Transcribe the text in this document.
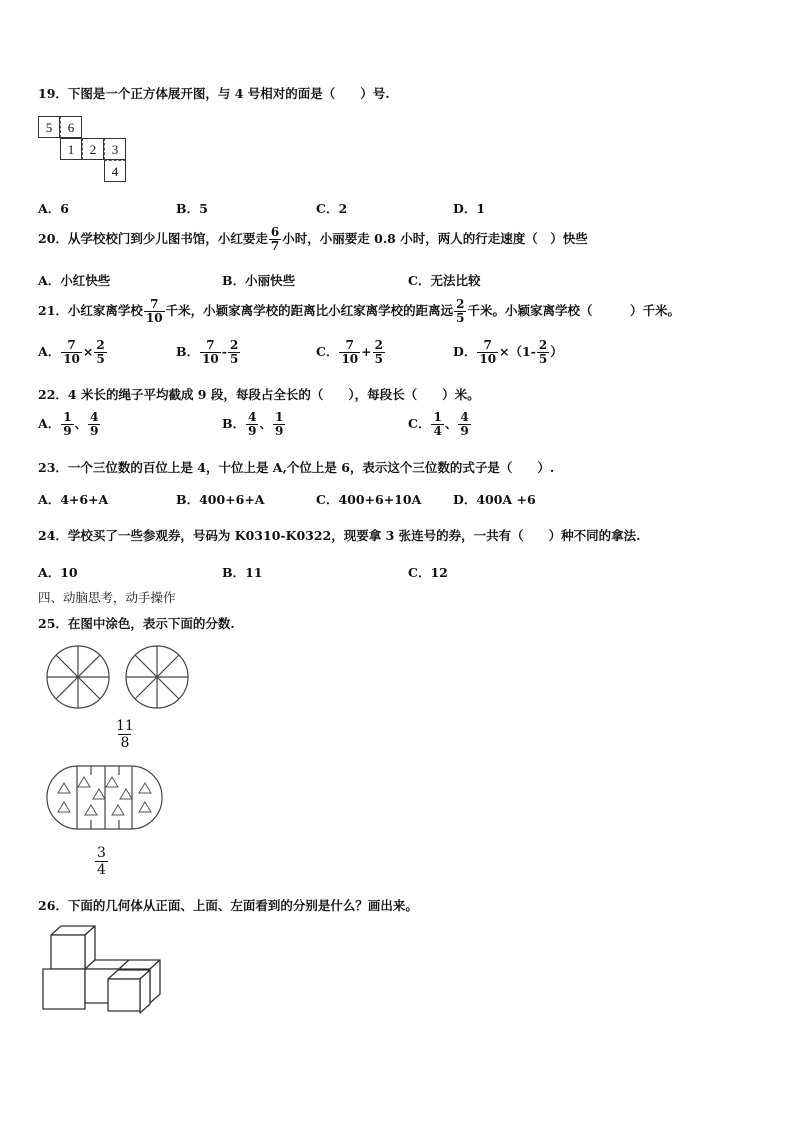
19．下图是一个正方体展开图，与 4 号相对的面是（　　）号.
5	6
1	2	3
4
A．6	B．5	C．2	D．1
20．从学校校门到少儿图书馆，小红要走 $\frac{6}{7}$ 小时，小丽要走 0.8 小时，两人的行走速度（　）快些
A．小红快些	B．小丽快些	C．无法比较
21．小红家离学校 $\frac{7}{10}$ 千米，小颖家离学校的距离比小红家离学校的距离远 $\frac{2}{5}$ 千米。小颖家离学校（　　　）千米。
A． $\frac{7}{10} \times \frac{2}{5}$	B． $\frac{7}{10} - \frac{2}{5}$	C． $\frac{7}{10} + \frac{2}{5}$	D． $\frac{7}{10} \times(1- \frac{2}{5}$ ）
22．4 米长的绳子平均截成 9 段，每段占全长的（　　），每段长（　　）米。
A． $\frac{1}{9}$ 、 $\frac{4}{9}$	B． $\frac{4}{9}$ 、 $\frac{1}{9}$	C． $\frac{1}{4}$ 、 $\frac{4}{9}$
23．一个三位数的百位上是 4，十位上是 A,个位上是 6，表示这个三位数的式子是（　　）.
A．4+6+A	B．400+6+A	C．400+6+10A	D．400A +6
24．学校买了一些参观券，号码为 K0310-K0322，现要拿 3 张连号的券，一共有（　　）种不同的拿法.
A．10	B．11	C．12
四、动脑思考，动手操作
25．在图中涂色，表示下面的分数.
$\frac{11}{8}$
$\frac{3}{4}$
26．下面的几何体从正面、上面、左面看到的分别是什么？画出来。
